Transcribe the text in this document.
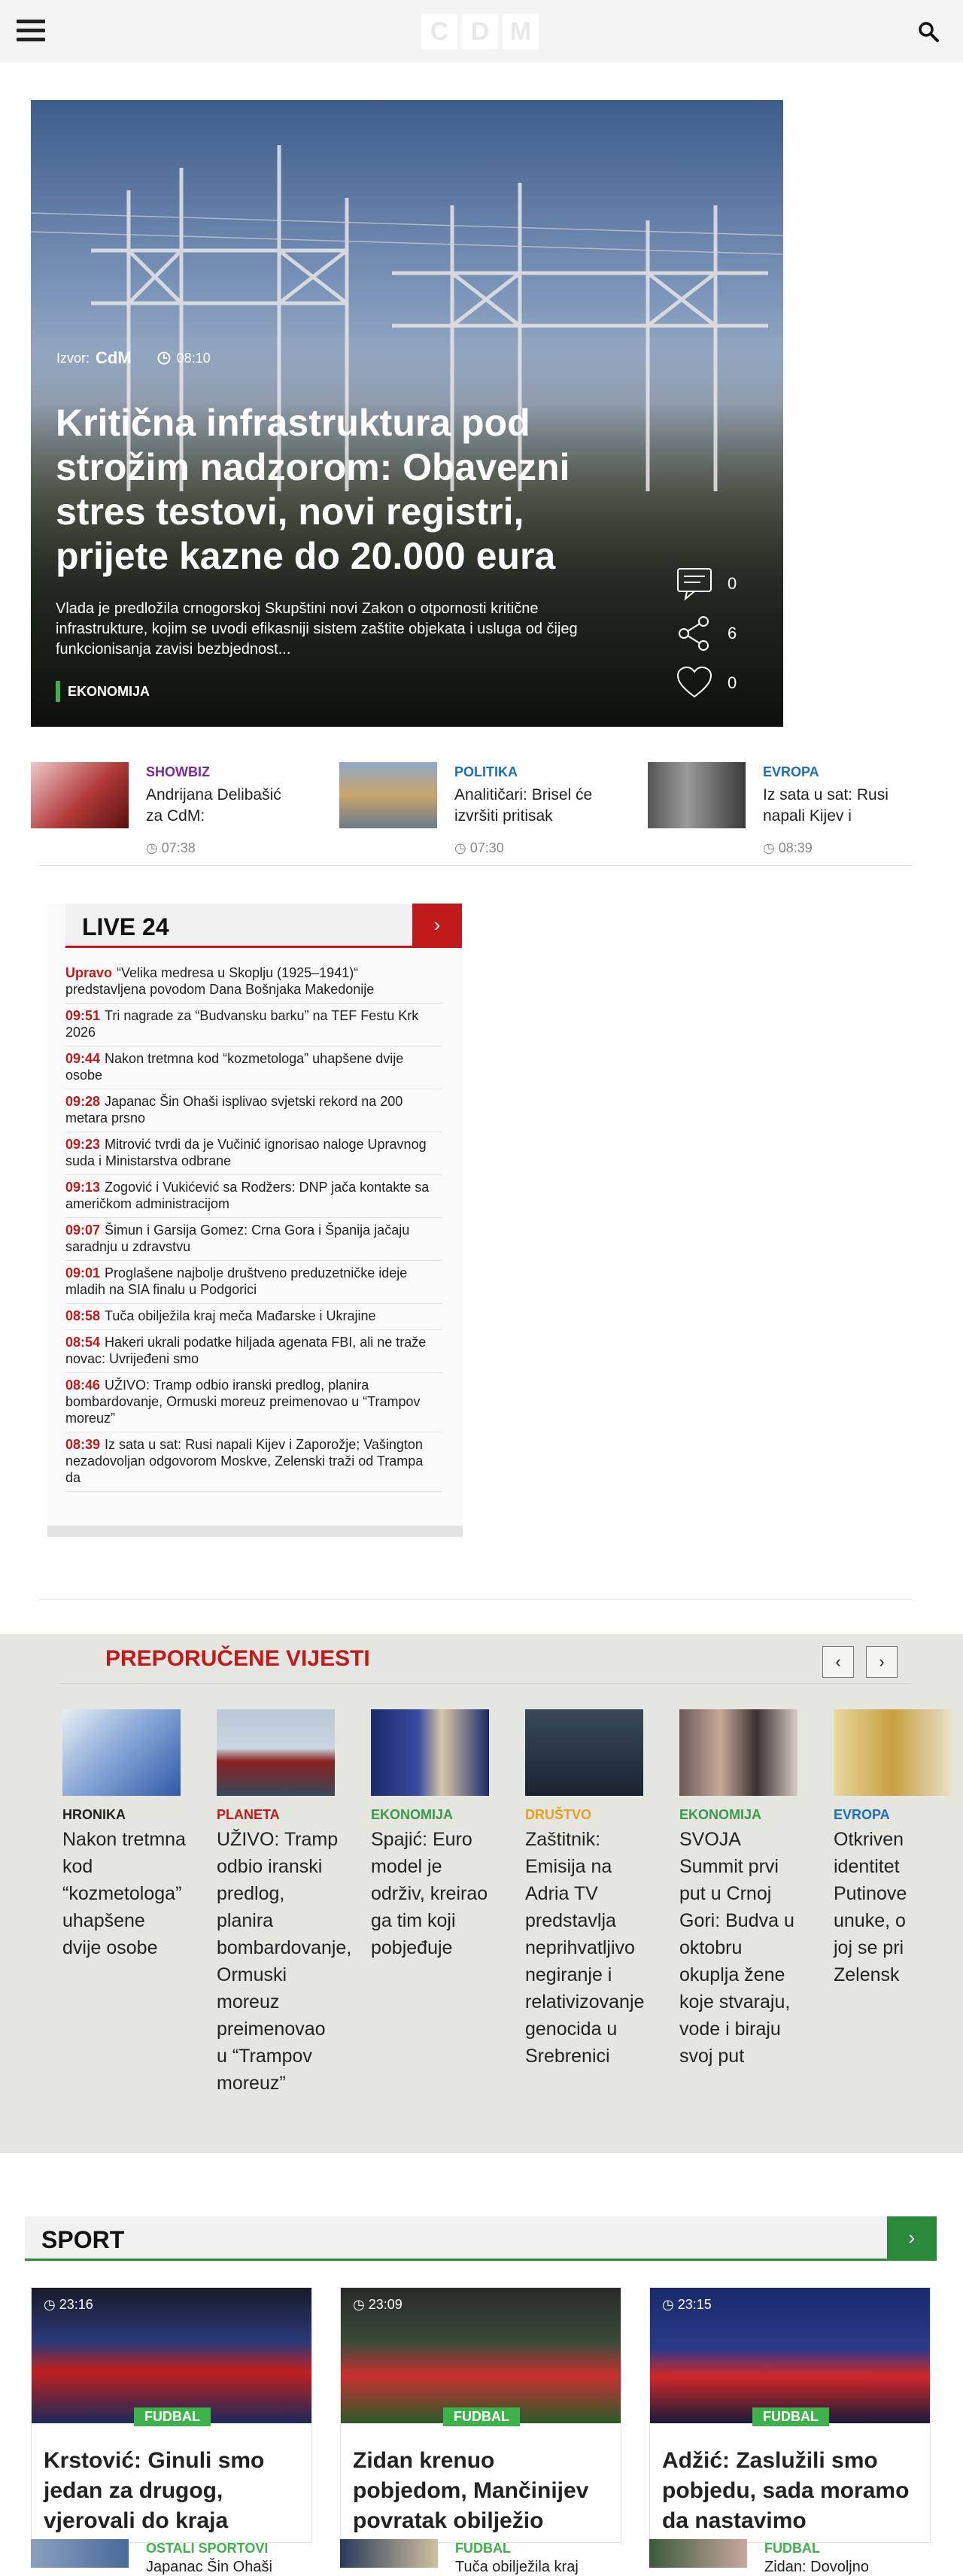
C D M
Izvor: CdM	08:10
Kritična infrastruktura pod strožim nadzorom: Obavezni stres testovi, novi registri, prijete kazne do 20.000 eura
Vlada je predložila crnogorskoj Skupštini novi Zakon o otpornosti kritične infrastrukture, kojim se uvodi efikasniji sistem zaštite objekata i usluga od čijeg funkcionisanja zavisi bezbjednost...
EKONOMIJA
0
6
0
SHOWBIZ
Andrijana Delibašić za CdM:
◷ 07:38
POLITIKA
Analitičari: Brisel će izvršiti pritisak
◷ 07:30
EVROPA
Iz sata u sat: Rusi napali Kijev i
◷ 08:39
LIVE 24	›
Upravo “Velika medresa u Skoplju (1925–1941)“ predstavljena povodom Dana Bošnjaka Makedonije
09:51 Tri nagrade za “Budvansku barku” na TEF Festu Krk 2026
09:44 Nakon tretmna kod “kozmetologa” uhapšene dvije osobe
09:28 Japanac Šin Ohaši isplivao svjetski rekord na 200 metara prsno
09:23 Mitrović tvrdi da je Vučinić ignorisao naloge Upravnog suda i Ministarstva odbrane
09:13 Zogović i Vukićević sa Rodžers: DNP jača kontakte sa američkom administracijom
09:07 Šimun i Garsija Gomez: Crna Gora i Španija jačaju saradnju u zdravstvu
09:01 Proglašene najbolje društveno preduzetničke ideje mladih na SIA finalu u Podgorici
08:58 Tuča obilježila kraj meča Mađarske i Ukrajine
08:54 Hakeri ukrali podatke hiljada agenata FBI, ali ne traže novac: Uvrijeđeni smo
08:46 UŽIVO: Tramp odbio iranski predlog, planira bombardovanje, Ormuski moreuz preimenovao u “Trampov moreuz”
08:39 Iz sata u sat: Rusi napali Kijev i Zaporožje; Vašington nezadovoljan odgovorom Moskve, Zelenski traži od Trampa da
PREPORUČENE VIJESTI	‹	›
HRONIKA
Nakon tretmna kod “kozmetologa” uhapšene dvije osobe
PLANETA
UŽIVO: Tramp odbio iranski predlog, planira bombardovanje, Ormuski moreuz preimenovao u “Trampov moreuz”
EKONOMIJA
Spajić: Euro model je održiv, kreirao ga tim koji pobjeđuje
DRUŠTVO
Zaštitnik: Emisija na Adria TV predstavlja neprihvatljivo negiranje i relativizovanje genocida u Srebrenici
EKONOMIJA
SVOJA Summit prvi put u Crnoj Gori: Budva u oktobru okuplja žene koje stvaraju, vode i biraju svoj put
EVROPA
Otkriven identitet Putinove unuke, o joj se pri Zelensk
SPORT	›
◷ 23:16
FUDBAL
Krstović: Ginuli smo jedan za drugog, vjerovali do kraja
◷ 23:09
FUDBAL
Zidan krenuo pobjedom, Mančinijev povratak obilježio
◷ 23:15
FUDBAL
Adžić: Zaslužili smo pobjedu, sada moramo da nastavimo
OSTALI SPORTOVI
Japanac Šin Ohaši
FUDBAL
Tuča obilježila kraj
FUDBAL
Zidan: Dovoljno
